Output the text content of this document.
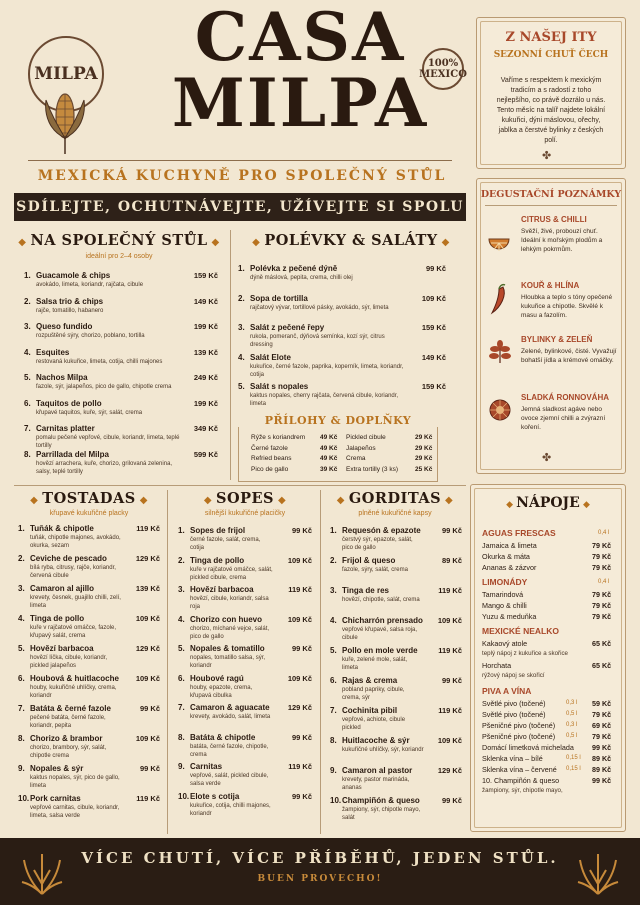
MILPA	CASA
MILPA
100% MEXICO
MEXICKÁ KUCHYNĚ PRO SPOLEČNÝ STŮL
SDÍLEJTE, OCHUTNÁVEJTE, UŽÍVEJTE SI SPOLU
Z NAŠEJ ITY
SEZONNÍ CHUŤ ČECH
Vaříme s respektem k mexickým tradicím a s radostí z toho nejlepšího, co právě dozrálo u nás. Tento měsíc na talíř najdete lokální kukuřici, dýni máslovou, ořechy, jablka a čerstvé bylinky z českých polí.
✤
DEGUSTAČNÍ POZNÁMKY
CITRUS & CHILLI
Svěží, živé, probouzí chuť. Ideální k mořským plodům a lehkým pokrmům.
KOUŘ & HLÍNA
Hloubka a teplo s tóny opečené kukuřice a chipotle. Skvělé k masu a fazolím.
BYLINKY & ZELEŇ
Zelené, bylinkové, čisté. Vyvažují bohatší jídla a krémové omáčky.
SLADKÁ RONNOVÁHA
Jemná sladkost agáve nebo ovoce zjemní chilli a zvýrazní koření.
✤
◆ NA SPOLEČNÝ STŮL ◆
ideální pro 2–4 osoby
1. Guacamole & chips	159 Kč
avokádo, limeta, koriandr, rajčata, cibule
2. Salsa trio & chips	149 Kč
rajče, tomatillo, habanero
3. Queso fundido	199 Kč
rozpuštěné sýry, chorizo, poblano, tortilla
4. Esquites	139 Kč
restovaná kukuřice, limeta, cotija, chilli majones
5. Nachos Milpa	249 Kč
fazole, sýr, jalapeños, pico de gallo, chipotle crema
6. Taquitos de pollo	199 Kč
křupavé taquitos, kuře, sýr, salát, crema
7. Carnitas platter	349 Kč
pomalu pečené vepřové, cibule, koriandr, limeta, teplé tortilly
8. Parrillada del Milpa	599 Kč
hovězí arrachera, kuře, chorizo, grilovaná zelenina, salsy, teplé tortilly
◆ POLÉVKY & SALÁTY ◆
1. Polévka z pečené dýně	99 Kč
dýně máslová, pepita, crema, chilli olej
2. Sopa de tortilla	109 Kč
rajčatový vývar, tortillové pásky, avokádo, sýr, limeta
3. Salát z pečené řepy	159 Kč
rukola, pomeranč, dýňová semínka, kozí sýr, citrus dressing
4. Salát Elote	149 Kč
kukuřice, černé fazole, paprika, koperník, limeta, koriandr, cotija
5. Salát s nopales	159 Kč
kaktus nopales, cherry rajčata, červená cibule, koriandr, limeta
PŘÍLOHY & DOPLŇKY
Rýže s koriandrem 49 Kč
Černé fazole	49 Kč
Refried beans	49 Kč
Pico de gallo	39 Kč
Pickled cibule	29 Kč
Jalapeños	29 Kč
Crema	29 Kč
Extra tortilly (3 ks)	25 Kč
◆ TOSTADAS ◆
křupavé kukuřičné placky
1. Tuňák & chipotle	119 Kč
tuňák, chipotle majones, avokádo, okurka, sezam
2. Ceviche de pescado	129 Kč
bílá ryba, citrusy, rajče, koriandr, červená cibule
3. Camaron al ajillo	139 Kč
krevety, česnek, guajillo chilli, zelí, limeta
4. Tinga de pollo	109 Kč
kuře v rajčatové omáčce, fazole, křupavý salát, crema
5. Hovězí barbacoa	129 Kč
hovězí líčka, cibule, koriandr, pickled jalapeños
6. Houbová & huitlacoche 109 Kč
houby, kukuřičné uhlíčky, crema, koriandr
7. Batáta & černé fazole	99 Kč
pečené batáta, černé fazole, koriandr, pepita
8. Chorizo & brambor	109 Kč
chorizo, brambory, sýr, salát, chipotle crema
9. Nopales & sýr	99 Kč
kaktus nopales, sýr, pico de gallo, limeta
10. Pork carnitas	119 Kč
vepřové carnitas, cibule, koriandr, limeta, salsa verde
◆ SOPES ◆
silnější kukuřičné placičky
1. Sopes de frijol	99 Kč
černé fazole, salát, crema, cotija
2. Tinga de pollo	109 Kč
kuře v rajčatové omáčce, salát, pickled cibule, crema
3. Hovězí barbacoa	119 Kč
hovězí, cibule, koriandr, salsa roja
4. Chorizo con huevo	109 Kč
chorizo, míchané vejce, salát, pico de gallo
5. Nopales & tomatillo	99 Kč
nopales, tomatillo salsa, sýr, koriandr
6. Houbové ragú	109 Kč
houby, epazote, crema, křupavá cibulka
7. Camaron & aguacate 129 Kč
krevety, avokádo, salát, limeta
8. Batáta & chipotle	99 Kč
batáta, černé fazole, chipotle, crema
9. Carnitas	119 Kč
vepřové, salát, pickled cibule, salsa verde
10. Elote s cotija	99 Kč
kukuřice, cotija, chilli majones, koriandr
◆ GORDITAS ◆
plněné kukuřičné kapsy
1. Requesón & epazote	99 Kč
čerstvý sýr, epazote, salát, pico de gallo
2. Frijol & queso	89 Kč
fazole, sýry, salát, crema
3. Tinga de res	119 Kč
hovězí, chipotle, salát, crema
4. Chicharrón prensado 109 Kč
vepřové křupavé, salsa roja, cibule
5. Pollo en mole verde	119 Kč
kuře, zelené mole, salát, limeta
6. Rajas & crema	99 Kč
pobland papriky, cibule, crema, sýr
7. Cochinita pibil	119 Kč
vepřové, achiote, cibule pickled
8. Huitlacoche & sýr	109 Kč
kukuřičné uhlíčky, sýr, koriandr
9. Camaron al pastor	129 Kč
krevety, pastor marináda, ananas
10. Champiñón & queso	99 Kč
žampiony, sýr, chipotle mayo, salát
◆ NÁPOJE ◆
AGUAS FRESCAS	0,4 l
Jamaica & limeta	79 Kč
Okurka & máta	79 Kč
Ananas & zázvor	79 Kč
LIMONÁDY	0,4 l
Tamarindová	79 Kč
Mango & chilli	79 Kč
Yuzu & meduňka	79 Kč
MEXICKÉ NEALKO
Kakaový atole	65 Kč
teplý nápoj z kukuřice a skořice
Horchata	65 Kč
rýžový nápoj se skořicí
PIVA A VÍNA
Světlé pivo (točené)	59 Kč
0,3 l
Světlé pivo (točené)	79 Kč
0,5 l
Pšeničné pivo (točené)	69 Kč
0,3 l
Pšeničné pivo (točené)	79 Kč
0,5 l
Domácí limetková michelada	99 Kč
Sklenka vína – bílé	89 Kč
0,15 l
Sklenka vína – červené	89 Kč
0,15 l
10. Champiñón & queso	99 Kč
žampiony, sýr, chipotle mayo,
VÍCE CHUTÍ, VÍCE PŘÍBĚHŮ, JEDEN STŮL.
BUEN PROVECHO!
